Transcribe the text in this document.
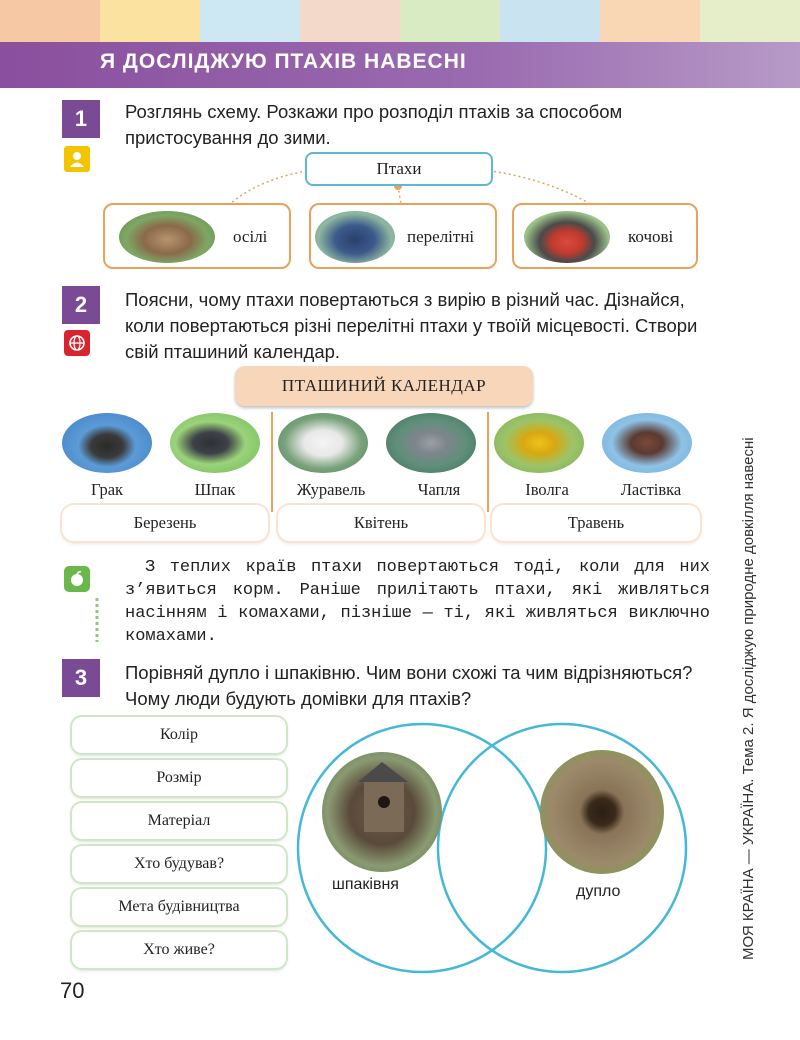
Я ДОСЛІДЖУЮ ПТАХІВ НАВЕСНІ
1	Розглянь схему. Розкажи про розподіл птахів за способом пристосування до зими.
Птахи
осілі	перелітні	кочові
2	Поясни, чому птахи повертаються з вирію в різний час. Дізнайся, коли повертаються різні перелітні птахи у твоїй місцевості. Створи свій пташиний календар.
ПТАШИНИЙ КАЛЕНДАР
Грак	Шпак	Журавель	Чапля	Іволга	Ластівка
Березень	Квітень	Травень
З теплих країв птахи повертаються тоді, коли для них з’явиться корм. Раніше прилітають птахи, які живляться насінням і комахами, пізніше — ті, які живляться виключно комахами.
3	Порівняй дупло і шпаківню. Чим вони схожі та чим відрізняються? Чому люди будують домівки для птахів?
Колір
Розмір
Матеріал
Хто будував?
Мета будівництва
Хто живе?
шпаківня	дупло
70
МОЯ КРАЇНА — УКРАЇНА. Тема 2. Я досліджую природне довкілля навесні
